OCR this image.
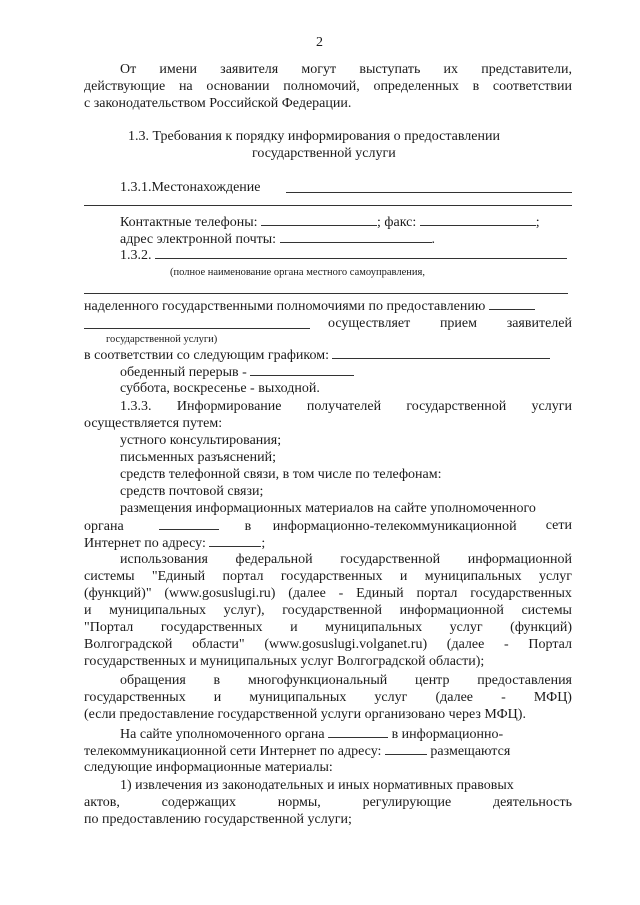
2
От имени заявителя могут выступать их представители,
действующие на основании полномочий, определенных в соответствии
с законодательством Российской Федерации.
1.3. Требования к порядку информирования о предоставлении
государственной услуги
1.3.1.Местонахождение
Контактные телефоны:	; факс:	;
адрес электронной почты:	.
1.3.2.
(полное наименование органа местного самоуправления,
наделенного государственными полномочиями по предоставлению
осуществляет прием заявителей
государственной услуги)
в соответствии со следующим графиком:
обеденный перерыв -
суббота, воскресенье - выходной.
1.3.3. Информирование получателей государственной услуги
осуществляется путем:
устного консультирования;
письменных разъяснений;
средств телефонной связи, в том числе по телефонам:
средств почтовой связи;
размещения информационных материалов на сайте уполномоченного
органа	в информационно-телекоммуникационной сети
Интернет по адресу:	;
использования федеральной государственной информационной
системы "Единый портал государственных и муниципальных услуг
(функций)" (www.gosuslugi.ru) (далее - Единый портал государственных
и муниципальных услуг), государственной информационной системы
"Портал государственных и муниципальных услуг (функций)
Волгоградской области" (www.gosuslugi.volganet.ru) (далее - Портал
государственных и муниципальных услуг Волгоградской области);
обращения в многофункциональный центр предоставления
государственных и муниципальных услуг (далее - МФЦ)
(если предоставление государственной услуги организовано через МФЦ).
На сайте уполномоченного органа	в информационно-
телекоммуникационной сети Интернет по адресу:	размещаются
следующие информационные материалы:
1) извлечения из законодательных и иных нормативных правовых
актов,	содержащих	нормы,	регулирующие	деятельность
по предоставлению государственной услуги;
